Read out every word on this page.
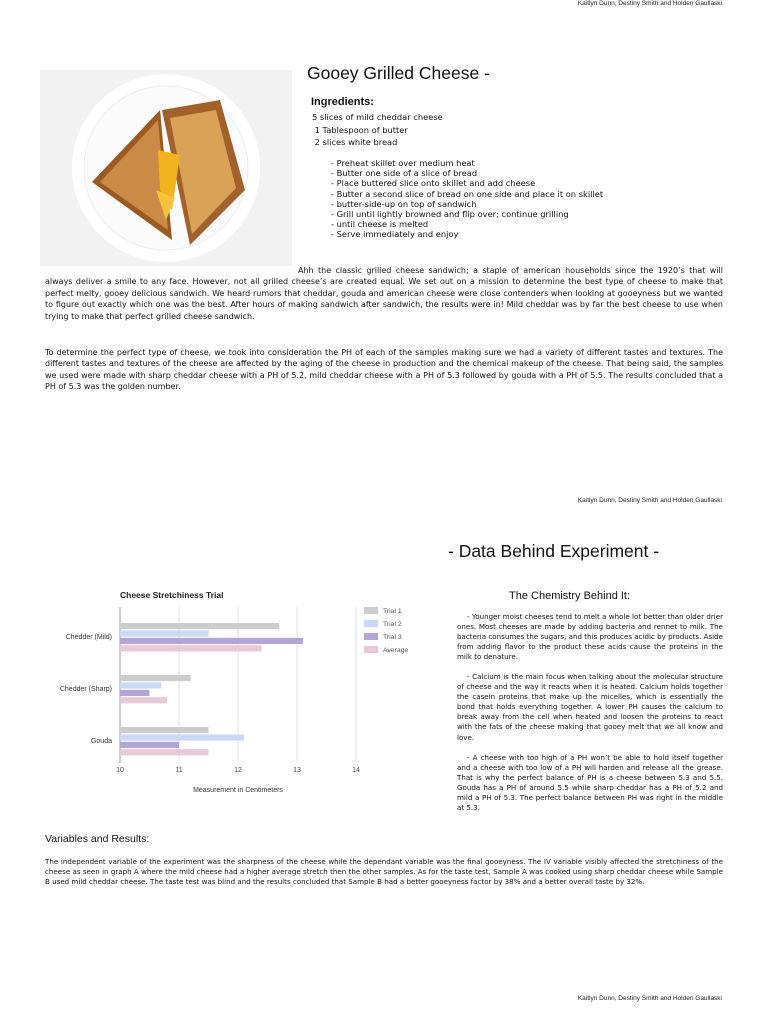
Kaitlyn Dunn, Destiny Smith and Holden Gaullaski
Gooey Grilled Cheese -
Ingredients:
5 slices of mild cheddar cheese
1 Tablespoon of butter
2 slices white bread
- Preheat skillet over medium heat
- Butter one side of a slice of bread
- Place buttered slice onto skillet and add cheese
- Butter a second slice of bread on one side and place it on skillet
- butter-side-up on top of sandwich
- Grill until lightly browned and flip over; continue grilling
- until cheese is melted
- Serve immediately and enjoy
Ahh the classic grilled cheese sandwich; a staple of american households since the 1920’s that will always deliver a smile to any face. However, not all grilled cheese’s are created equal. We set out on a mission to determine the best type of cheese to make that perfect melty, gooey delicious sandwich. We heard rumors that cheddar, gouda and american cheese were close contenders when looking at gooeyness but we wanted to figure out exactly which one was the best. After hours of making sandwich after sandwich, the results were in! Mild cheddar was by far the best cheese to use when trying to make that perfect grilled cheese sandwich.
To determine the perfect type of cheese, we took into consideration the PH of each of the samples making sure we had a variety of different tastes and textures. The different tastes and textures of the cheese are affected by the aging of the cheese in production and the chemical makeup of the cheese. That being said, the samples we used were made with sharp cheddar cheese with a PH of 5.2, mild cheddar cheese with a PH of 5.3 followed by gouda with a PH of 5.5. The results concluded that a PH of 5.3 was the golden number.
Kaitlyn Dunn, Destiny Smith and Holden Gaullaski
- Data Behind Experiment -
Cheese Stretchiness Trial
Chedder (Mild)
Chedder (Sharp)
Gouda
10	11	12	13	14
Trial 1
Trial 2
Trial 3
Average
Measurement in Centimeters
The Chemistry Behind It:
- Younger moist cheeses tend to melt a whole lot better than older drier ones. Most cheeses are made by adding bacteria and rennet to milk. The bacteria consumes the sugars, and this produces acidic by products. Aside from adding flavor to the product these acids cause the proteins in the milk to denature.
- Calcium is the main focus when talking about the molecular structure of cheese and the way it reacts when it is heated. Calcium holds together the casein proteins that make up the micelles, which is essentially the bond that holds everything together. A lower PH causes the calcium to break away from the cell when heated and loosen the proteins to react with the fats of the cheese making that gooey melt that we all know and love.
- A cheese with too high of a PH won’t be able to hold itself together and a cheese with too low of a PH will harden and release all the grease. That is why the perfect balance of PH is a cheese between 5.3 and 5.5. Gouda has a PH of around 5.5 while sharp cheddar has a PH of 5.2 and mild a PH of 5.3. The perfect balance between PH was right in the middle at 5.3.
Variables and Results:
The independent variable of the experiment was the sharpness of the cheese while the dependant variable was the final gooeyness. The IV variable visibly affected the stretchiness of the cheese as seen in graph A where the mild cheese had a higher average stretch then the other samples. As for the taste test, Sample A was cooked using sharp cheddar cheese while Sample B used mild cheddar cheese. The taste test was blind and the results concluded that Sample B had a better gooeyness factor by 38% and a better overall taste by 32%.
Kaitlyn Dunn, Destiny Smith and Holden Gaullaski
